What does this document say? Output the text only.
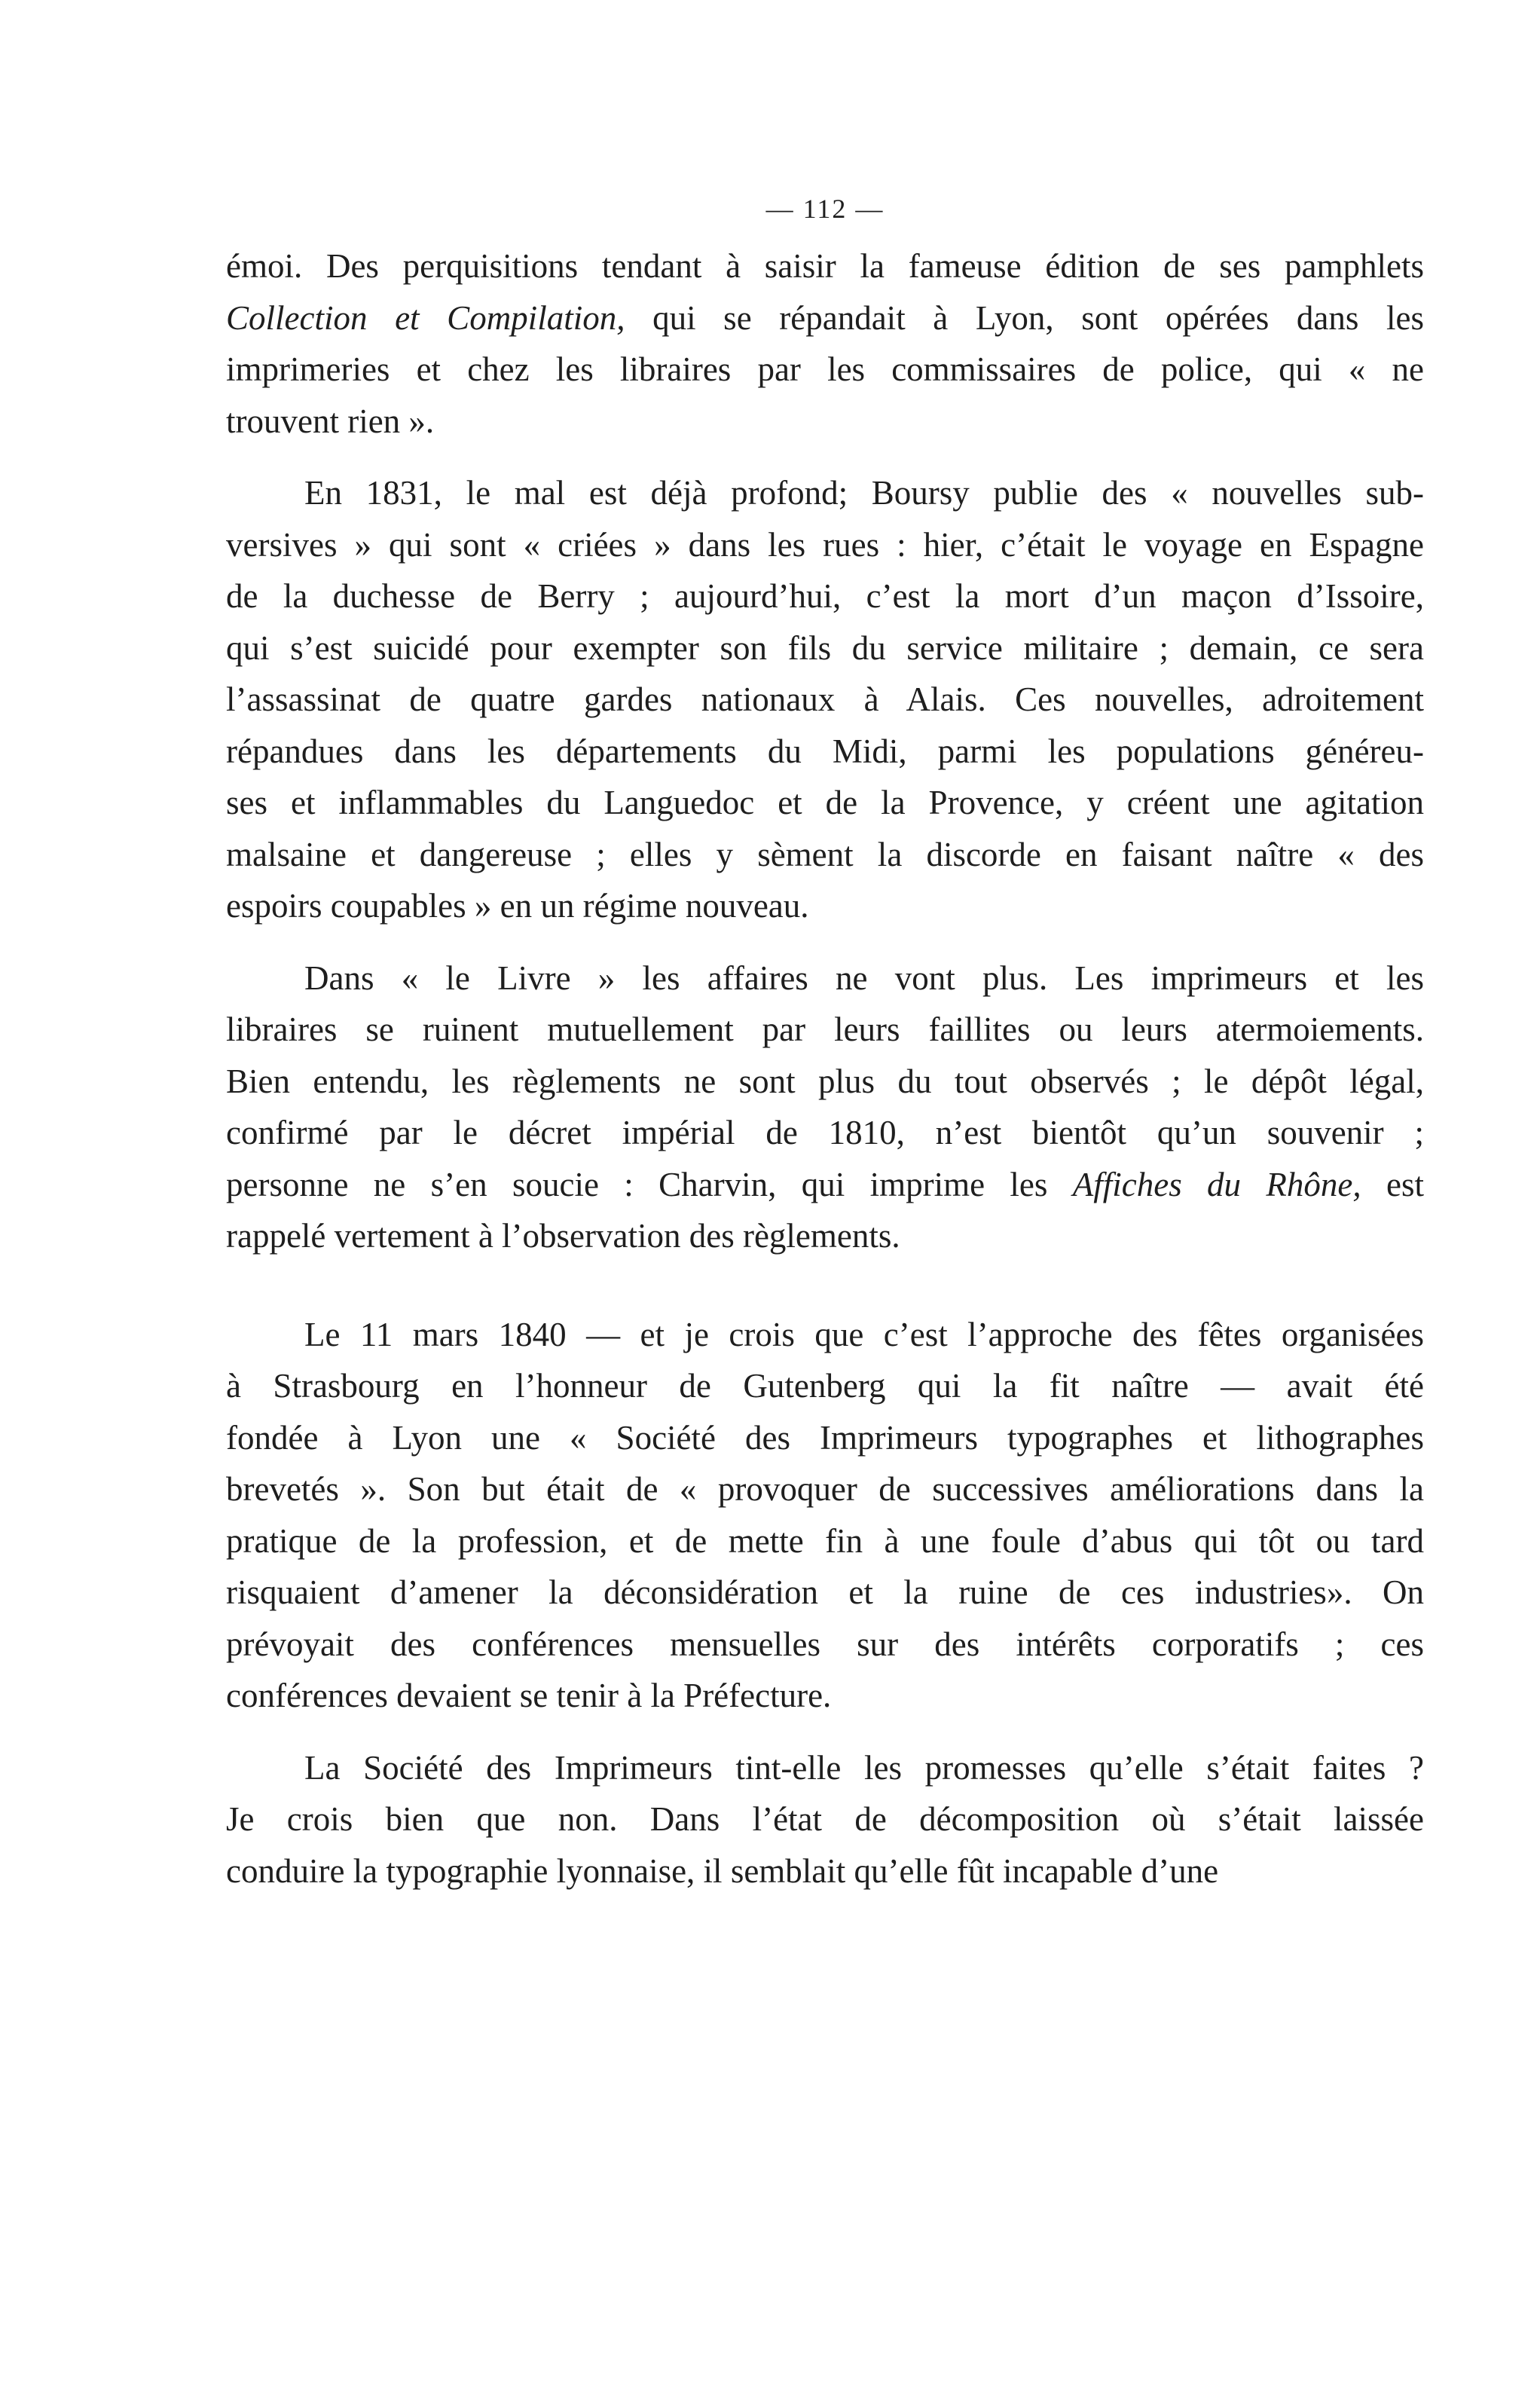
— 112 —
émoi. Des perquisitions tendant à saisir la fameuse édition de ses pamphlets
Collection et Compilation, qui se répandait à Lyon, sont opérées dans les
imprimeries et chez les libraires par les commissaires de police, qui « ne
trouvent rien ».
En 1831, le mal est déjà profond; Boursy publie des « nouvelles sub-
versives » qui sont « criées » dans les rues : hier, c’était le voyage en Espagne
de la duchesse de Berry ; aujourd’hui, c’est la mort d’un maçon d’Issoire,
qui s’est suicidé pour exempter son fils du service militaire ; demain, ce sera
l’assassinat de quatre gardes nationaux à Alais. Ces nouvelles, adroitement
répandues dans les départements du Midi, parmi les populations généreu-
ses et inflammables du Languedoc et de la Provence, y créent une agitation
malsaine et dangereuse ; elles y sèment la discorde en faisant naître « des
espoirs coupables » en un régime nouveau.
Dans « le Livre » les affaires ne vont plus. Les imprimeurs et les
libraires se ruinent mutuellement par leurs faillites ou leurs atermoiements.
Bien entendu, les règlements ne sont plus du tout observés ; le dépôt légal,
confirmé par le décret impérial de 1810, n’est bientôt qu’un souvenir ;
personne ne s’en soucie : Charvin, qui imprime les Affiches du Rhône, est
rappelé vertement à l’observation des règlements.
Le 11 mars 1840 — et je crois que c’est l’approche des fêtes organisées
à Strasbourg en l’honneur de Gutenberg qui la fit naître — avait été
fondée à Lyon une « Société des Imprimeurs typographes et lithographes
brevetés ». Son but était de « provoquer de successives améliorations dans la
pratique de la profession, et de mette fin à une foule d’abus qui tôt ou tard
risquaient d’amener la déconsidération et la ruine de ces industries». On
prévoyait des conférences mensuelles sur des intérêts corporatifs ; ces
conférences devaient se tenir à la Préfecture.
La Société des Imprimeurs tint-elle les promesses qu’elle s’était faites ?
Je crois bien que non. Dans l’état de décomposition où s’était laissée
conduire la typographie lyonnaise, il semblait qu’elle fût incapable d’une
